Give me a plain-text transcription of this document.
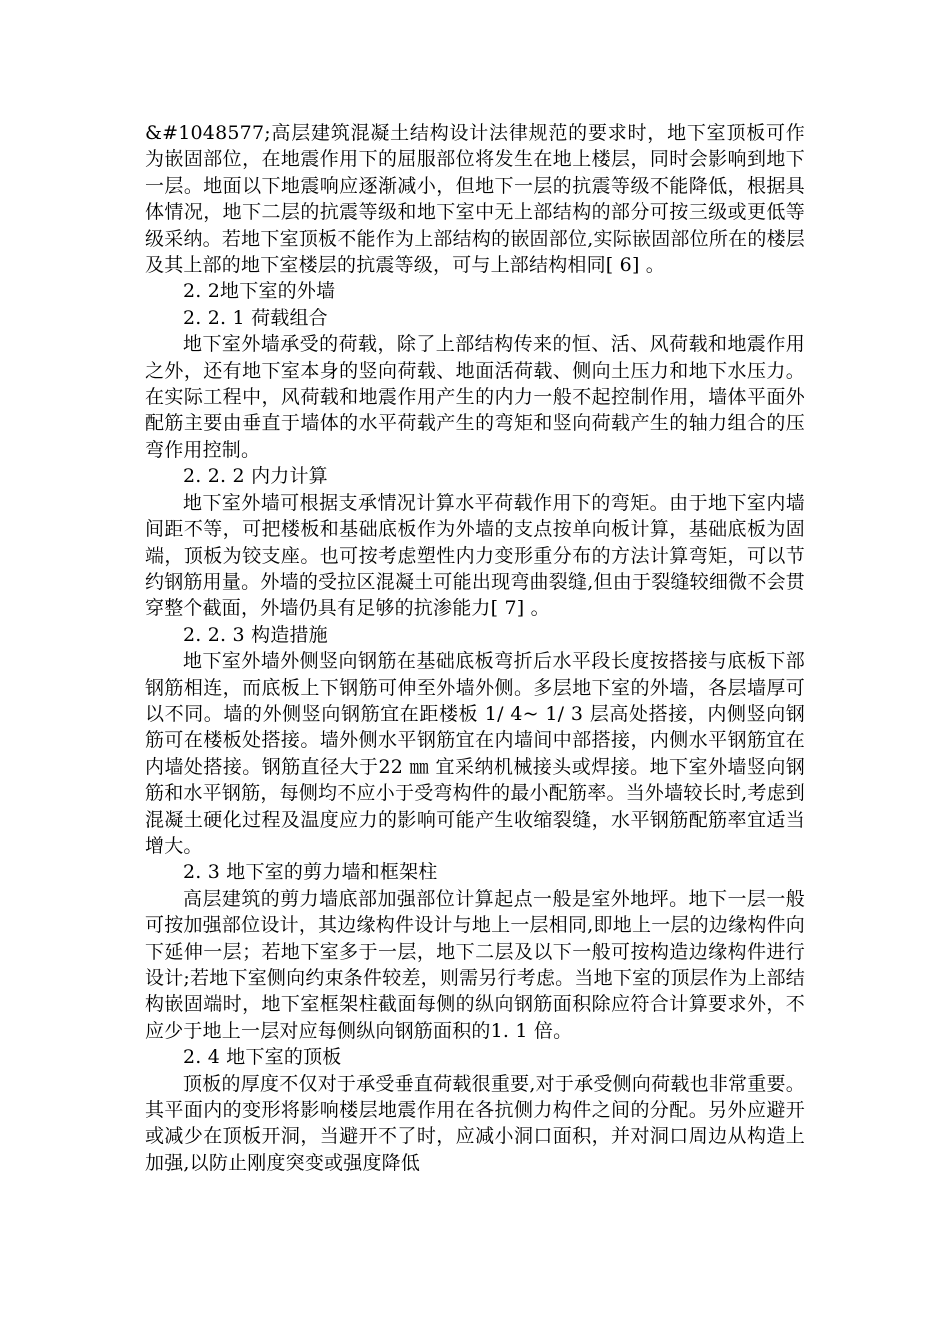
&#1048577;高层建筑混凝土结构设计法律规范的要求时，地下室顶板可作为嵌固部位，在地震作用下的屈服部位将发生在地上楼层，同时会影响到地下一层。地面以下地震响应逐渐减小，但地下一层的抗震等级不能降低，根据具体情况，地下二层的抗震等级和地下室中无上部结构的部分可按三级或更低等级采纳。若地下室顶板不能作为上部结构的嵌固部位,实际嵌固部位所在的楼层及其上部的地下室楼层的抗震等级，可与上部结构相同[ 6] 。

2. 2地下室的外墙

2. 2. 1 荷载组合

地下室外墙承受的荷载，除了上部结构传来的恒、活、风荷载和地震作用之外，还有地下室本身的竖向荷载、地面活荷载、侧向土压力和地下水压力。在实际工程中，风荷载和地震作用产生的内力一般不起控制作用，墙体平面外配筋主要由垂直于墙体的水平荷载产生的弯矩和竖向荷载产生的轴力组合的压弯作用控制。

2. 2. 2 内力计算

地下室外墙可根据支承情况计算水平荷载作用下的弯矩。由于地下室内墙间距不等，可把楼板和基础底板作为外墙的支点按单向板计算，基础底板为固端，顶板为铰支座。也可按考虑塑性内力变形重分布的方法计算弯矩，可以节约钢筋用量。外墙的受拉区混凝土可能出现弯曲裂缝,但由于裂缝较细微不会贯穿整个截面，外墙仍具有足够的抗渗能力[ 7] 。

2. 2. 3 构造措施

地下室外墙外侧竖向钢筋在基础底板弯折后水平段长度按搭接与底板下部钢筋相连，而底板上下钢筋可伸至外墙外侧。多层地下室的外墙，各层墙厚可以不同。墙的外侧竖向钢筋宜在距楼板 1/ 4~ 1/ 3 层高处搭接，内侧竖向钢筋可在楼板处搭接。墙外侧水平钢筋宜在内墙间中部搭接，内侧水平钢筋宜在内墙处搭接。钢筋直径大于22 ㎜ 宜采纳机械接头或焊接。地下室外墙竖向钢筋和水平钢筋，每侧均不应小于受弯构件的最小配筋率。当外墙较长时,考虑到混凝土硬化过程及温度应力的影响可能产生收缩裂缝，水平钢筋配筋率宜适当增大。

2. 3 地下室的剪力墙和框架柱

高层建筑的剪力墙底部加强部位计算起点一般是室外地坪。地下一层一般可按加强部位设计，其边缘构件设计与地上一层相同,即地上一层的边缘构件向下延伸一层；若地下室多于一层，地下二层及以下一般可按构造边缘构件进行设计;若地下室侧向约束条件较差，则需另行考虑。当地下室的顶层作为上部结构嵌固端时，地下室框架柱截面每侧的纵向钢筋面积除应符合计算要求外，不应少于地上一层对应每侧纵向钢筋面积的1. 1 倍。

2. 4 地下室的顶板

顶板的厚度不仅对于承受垂直荷载很重要,对于承受侧向荷载也非常重要。其平面内的变形将影响楼层地震作用在各抗侧力构件之间的分配。另外应避开或减少在顶板开洞，当避开不了时，应减小洞口面积，并对洞口周边从构造上加强,以防止刚度突变或强度降低
